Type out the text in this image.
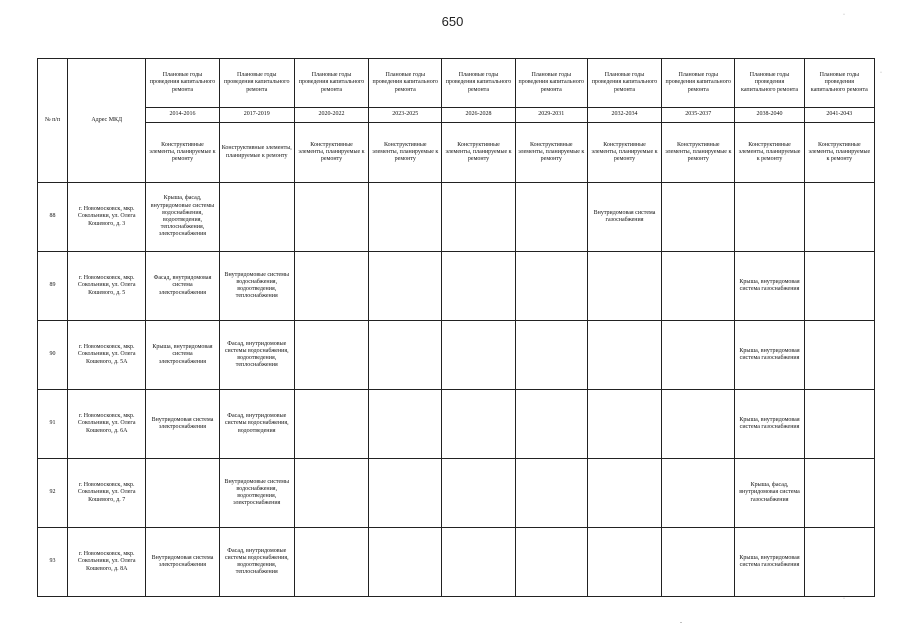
650
№ п/п	Адрес МКД	Плановые годы проведения капитального ремонта	Плановые годы проведения капитального ремонта	Плановые годы проведения капитального ремонта	Плановые годы проведения капитального ремонта	Плановые годы проведения капитального ремонта	Плановые годы проведения капитального ремонта	Плановые годы проведения капитального ремонта	Плановые годы проведения капитального ремонта	Плановые годы проведения капитального ремонта	Плановые годы проведения капитального ремонта
		2014-2016	2017-2019	2020-2022	2023-2025	2026-2028	2029-2031	2032-2034	2035-2037	2038-2040	2041-2043
		Конструктивные элементы, планируемые к ремонту	Конструктивные элементы, планируемые к ремонту	Конструктивные элементы, планируемые к ремонту	Конструктивные элементы, планируемые к ремонту	Конструктивные элементы, планируемые к ремонту	Конструктивные элементы, планируемые к ремонту	Конструктивные элементы, планируемые к ремонту	Конструктивные элементы, планируемые к ремонту	Конструктивные элементы, планируемые к ремонту	Конструктивные элементы, планируемые к ремонту
88	г. Новомосковск, мкр. Сокольники, ул. Олега Кошевого, д. 3	Крыша, фасад, внутридомовые системы водоснабжения, водоотведения, теплоснабжения, электроснабжения						Внутридомовая система газоснабжения			
89	г. Новомосковск, мкр. Сокольники, ул. Олега Кошевого, д. 5	Фасад, внутридомовая система электроснабжения	Внутридомовые системы водоснабжения, водоотведения, теплоснабжения							Крыша, внутридомовая система газоснабжения	
90	г. Новомосковск, мкр. Сокольники, ул. Олега Кошевого, д. 5А	Крыша, внутридомовая система электроснабжения	Фасад, внутридомовые системы водоснабжения, водоотведения, теплоснабжения							Крыша, внутридомовая система газоснабжения	
91	г. Новомосковск, мкр. Сокольники, ул. Олега Кошевого, д. 6А	Внутридомовая система электроснабжения	Фасад, внутридомовые системы водоснабжения, водоотведения							Крыша, внутридомовая система газоснабжения	
92	г. Новомосковск, мкр. Сокольники, ул. Олега Кошевого, д. 7		Внутридомовые системы водоснабжения, водоотведения, электроснабжения							Крыша, фасад, внутридомовая система газоснабжения	
93	г. Новомосковск, мкр. Сокольники, ул. Олега Кошевого, д. 8А	Внутридомовая система электроснабжения	Фасад, внутридомовые системы водоснабжения, водоотведения, теплоснабжения							Крыша, внутридомовая система газоснабжения	
·
·
·
-
